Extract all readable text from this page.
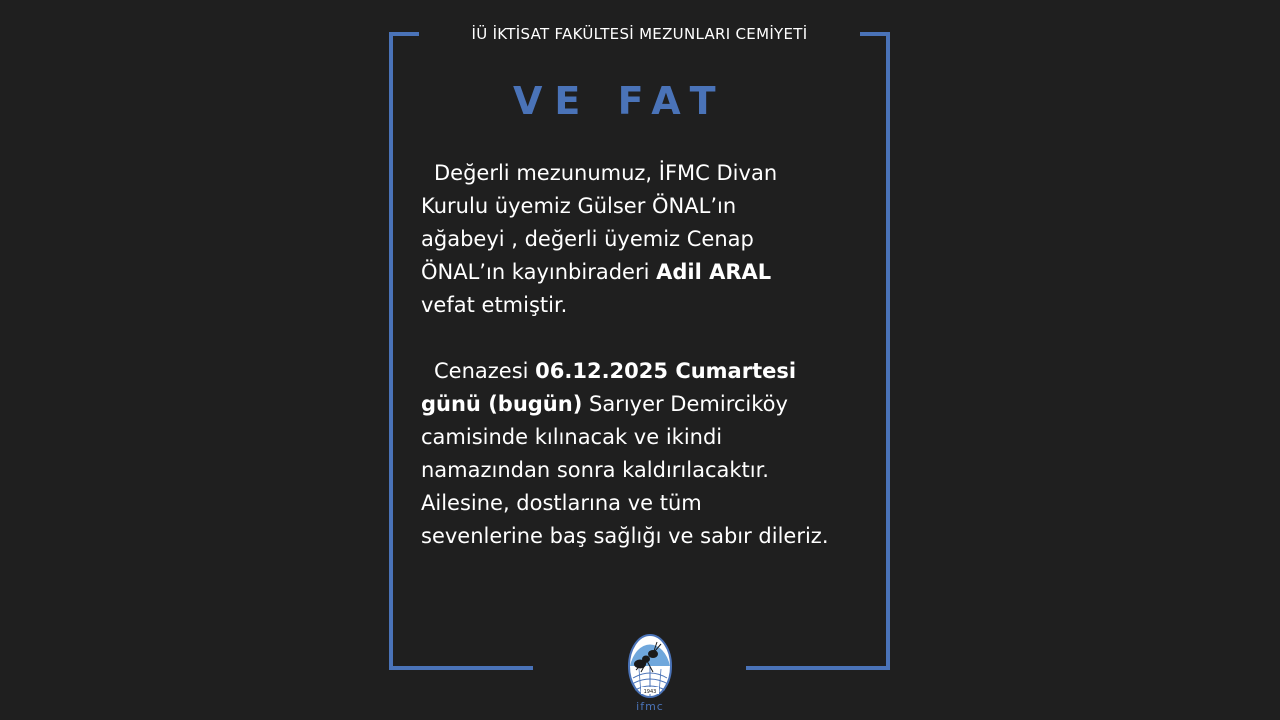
İÜ İKTİSAT FAKÜLTESİ MEZUNLARI CEMİYETİ
VE FAT
Değerli mezunumuz, İFMC Divan
Kurulu üyemiz Gülser ÖNAL’ın
ağabeyi , değerli üyemiz Cenap
ÖNAL’ın kayınbiraderi Adil ARAL
vefat etmiştir.
Cenazesi 06.12.2025 Cumartesi
günü (bugün) Sarıyer Demirciköy
camisinde kılınacak ve ikindi
namazından sonra kaldırılacaktır.
Ailesine, dostlarına ve tüm
sevenlerine baş sağlığı ve sabır dileriz.
1943
ifmc
